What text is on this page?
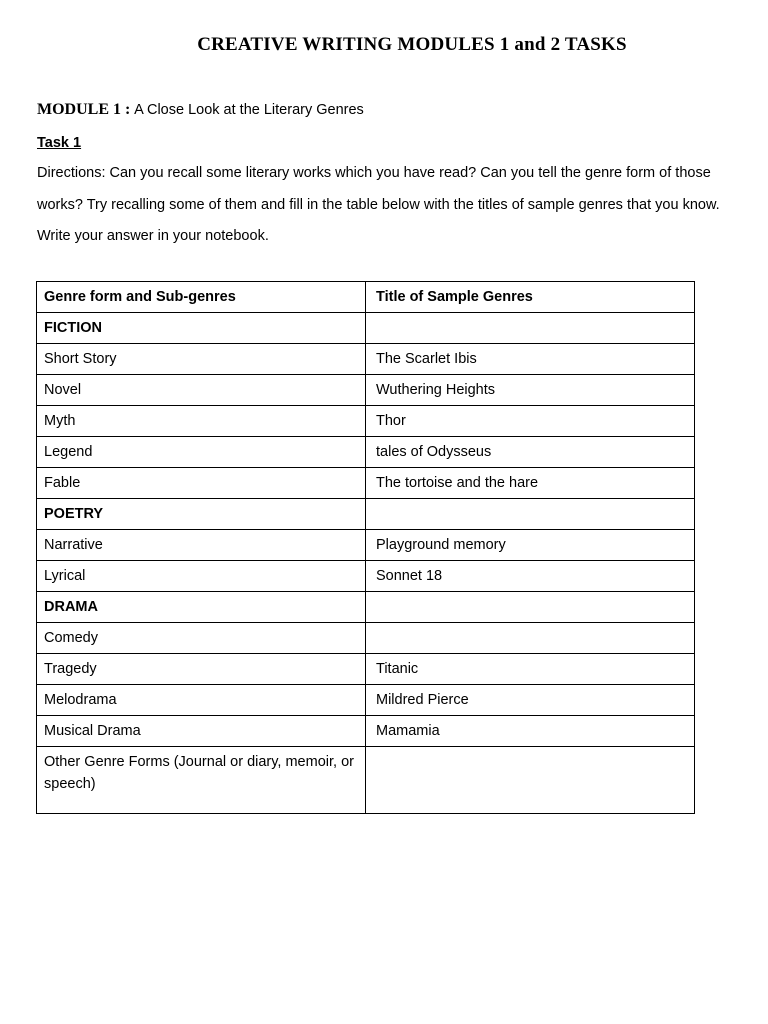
CREATIVE WRITING MODULES 1 and 2 TASKS

MODULE 1 : A Close Look at the Literary Genres

Task 1

Directions: Can you recall some literary works which you have read? Can you tell the genre form of those works? Try recalling some of them and fill in the table below with the titles of sample genres that you know. Write your answer in your notebook.

Genre form and Sub-genres	Title of Sample Genres
FICTION	
Short Story	The Scarlet Ibis
Novel	Wuthering Heights
Myth	Thor
Legend	tales of Odysseus
Fable	The tortoise and the hare
POETRY	
Narrative	Playground memory
Lyrical	Sonnet 18
DRAMA	
Comedy	
Tragedy	Titanic
Melodrama	Mildred Pierce
Musical Drama	Mamamia
Other Genre Forms (Journal or diary, memoir, or speech)	
